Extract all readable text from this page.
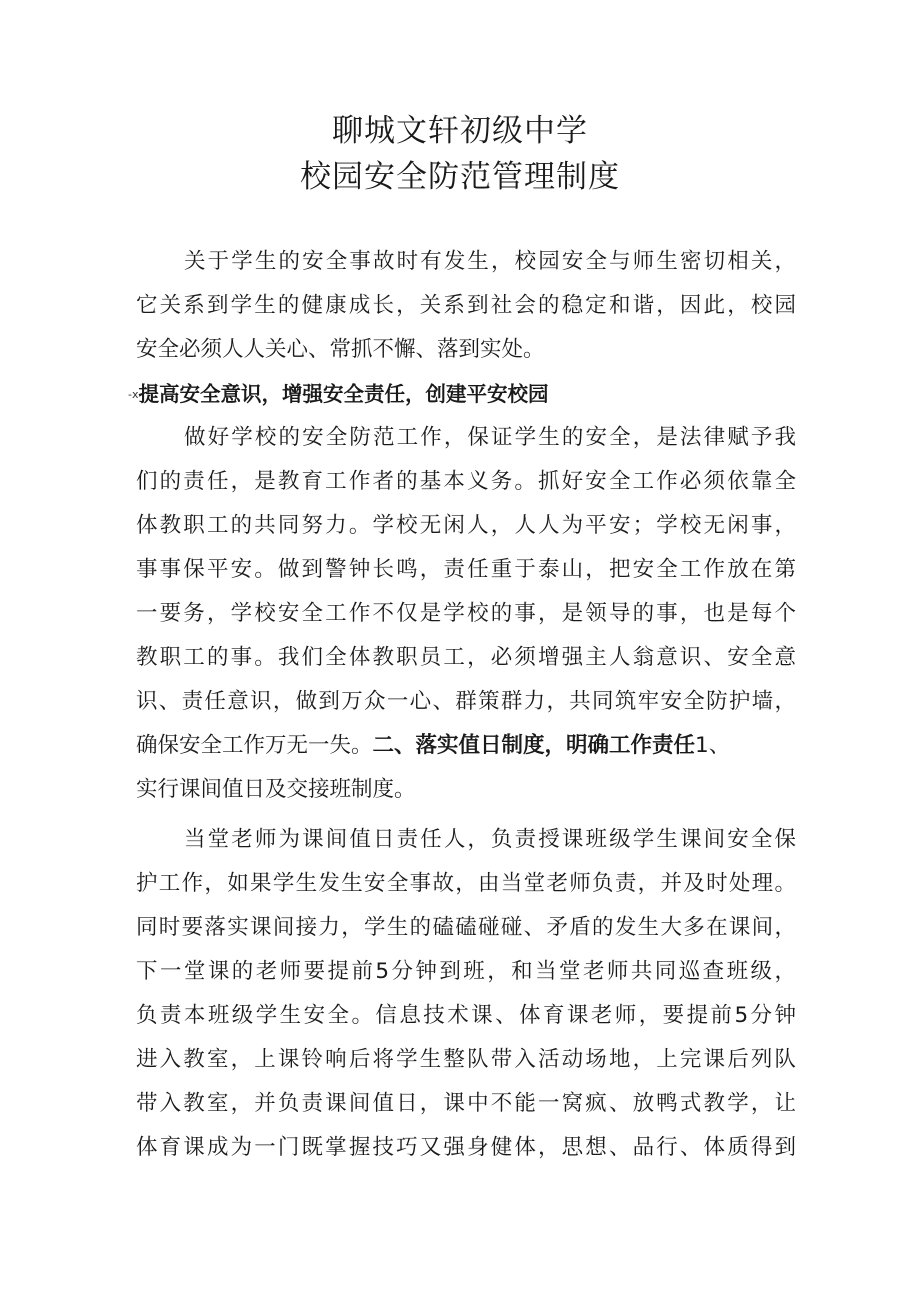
聊城文轩初级中学
校园安全防范管理制度
关于学生的安全事故时有发生，校园安全与师生密切相关，
它关系到学生的健康成长，关系到社会的稳定和谐，因此，校园
安全必须人人关心、常抓不懈、落到实处。
-x提高安全意识，增强安全责任，创建平安校园
做好学校的安全防范工作，保证学生的安全，是法律赋予我
们的责任，是教育工作者的基本义务。抓好安全工作必须依靠全
体教职工的共同努力。学校无闲人，人人为平安；学校无闲事，
事事保平安。做到警钟长鸣，责任重于泰山，把安全工作放在第
一要务，学校安全工作不仅是学校的事，是领导的事，也是每个
教职工的事。我们全体教职员工，必须增强主人翁意识、安全意
识、责任意识，做到万众一心、群策群力，共同筑牢安全防护墙，
确保安全工作万无一失。二、落实值日制度，明确工作责任1、
实行课间值日及交接班制度。
当堂老师为课间值日责任人，负责授课班级学生课间安全保
护工作，如果学生发生安全事故，由当堂老师负责，并及时处理。
同时要落实课间接力，学生的磕磕碰碰、矛盾的发生大多在课间，
下一堂课的老师要提前5分钟到班，和当堂老师共同巡查班级，
负责本班级学生安全。信息技术课、体育课老师，要提前5分钟
进入教室，上课铃响后将学生整队带入活动场地，上完课后列队
带入教室，并负责课间值日，课中不能一窝疯、放鸭式教学，让
体育课成为一门既掌握技巧又强身健体，思想、品行、体质得到
